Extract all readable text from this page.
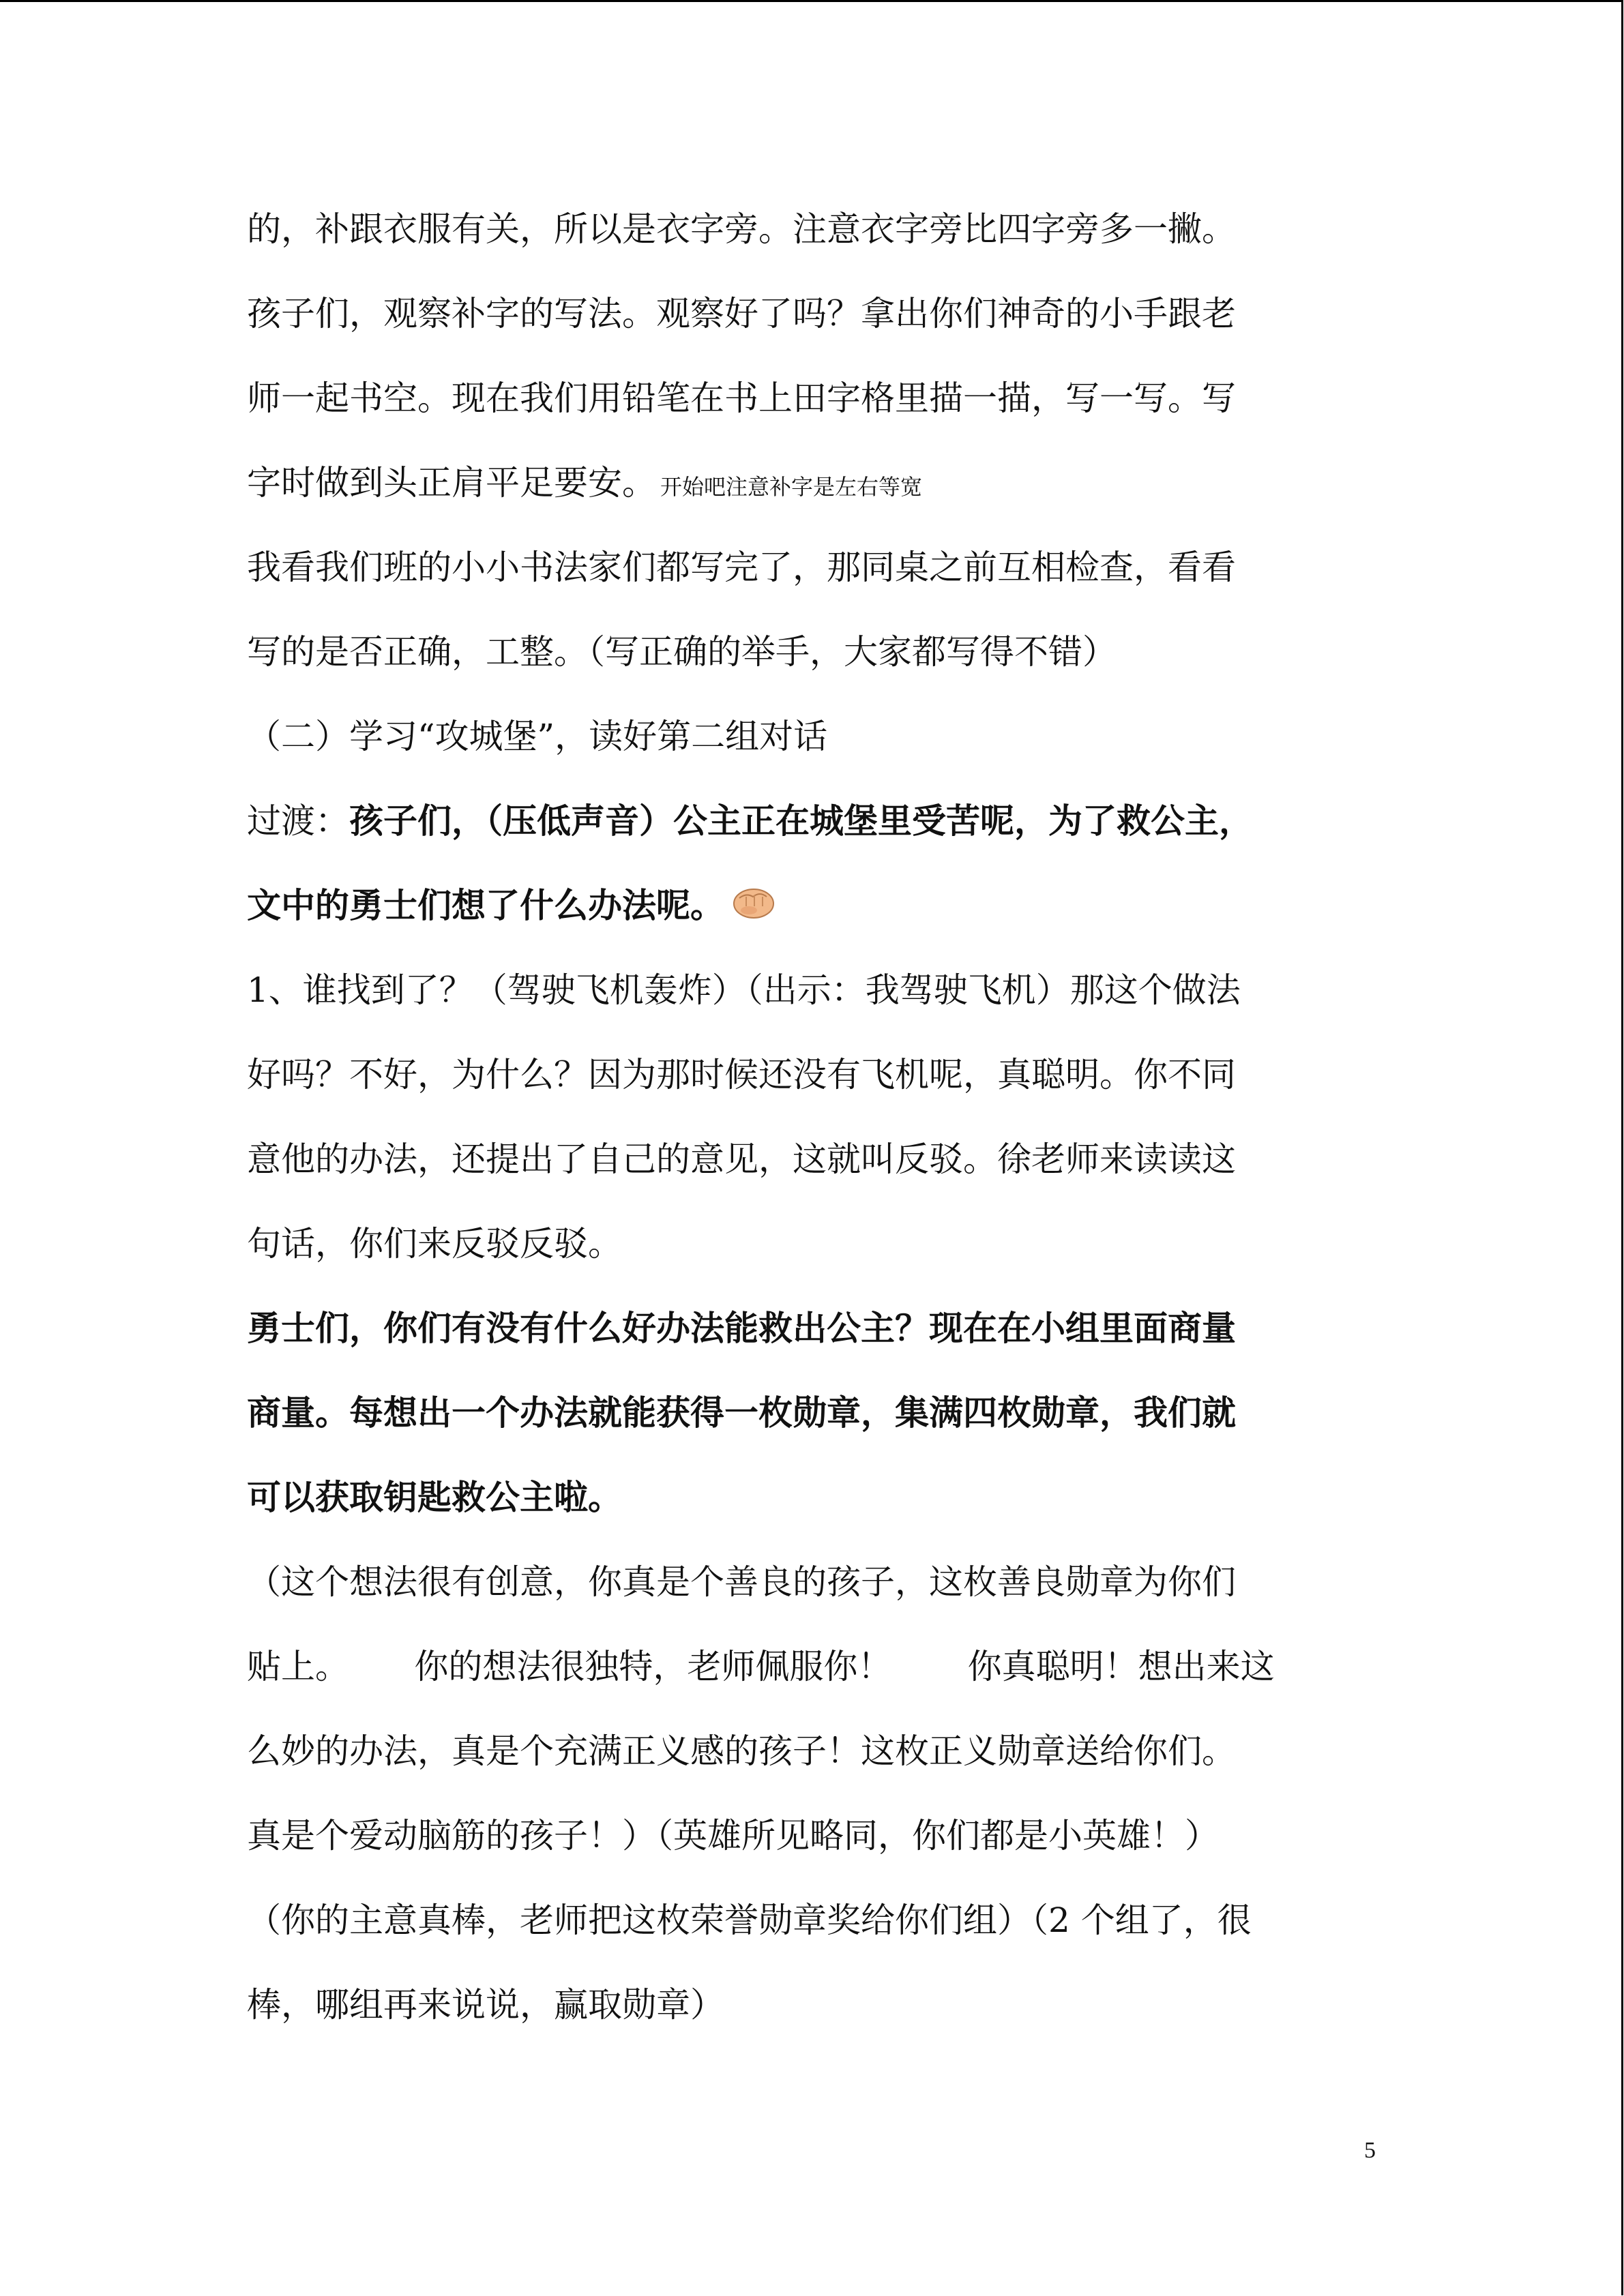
的，补跟衣服有关，所以是衣字旁。注意衣字旁比四字旁多一撇。
孩子们，观察补字的写法。观察好了吗？拿出你们神奇的小手跟老
师一起书空。现在我们用铅笔在书上田字格里描一描，写一写。写
字时做到头正肩平足要安。 开始吧注意补字是左右等宽
我看我们班的小小书法家们都写完了，那同桌之前互相检查，看看
写的是否正确，工整。（写正确的举手，大家都写得不错）
（二）学习“攻城堡”，读好第二组对话
过渡：孩子们，（压低声音）公主正在城堡里受苦呢，为了救公主，
文中的勇士们想了什么办法呢。
1、谁找到了？（驾驶飞机轰炸）（出示：我驾驶飞机）那这个做法
好吗？不好，为什么？因为那时候还没有飞机呢，真聪明。你不同
意他的办法，还提出了自己的意见，这就叫反驳。徐老师来读读这
句话，你们来反驳反驳。
勇士们，你们有没有什么好办法能救出公主？现在在小组里面商量
商量。每想出一个办法就能获得一枚勋章，集满四枚勋章，我们就
可以获取钥匙救公主啦。
（这个想法很有创意，你真是个善良的孩子，这枚善良勋章为你们
贴上。      你的想法很独特，老师佩服你！       你真聪明！想出来这
么妙的办法，真是个充满正义感的孩子！这枚正义勋章送给你们。
真是个爱动脑筋的孩子！）（英雄所见略同，你们都是小英雄！）
（你的主意真棒，老师把这枚荣誉勋章奖给你们组）（2 个组了，很
棒，哪组再来说说，赢取勋章）
5
